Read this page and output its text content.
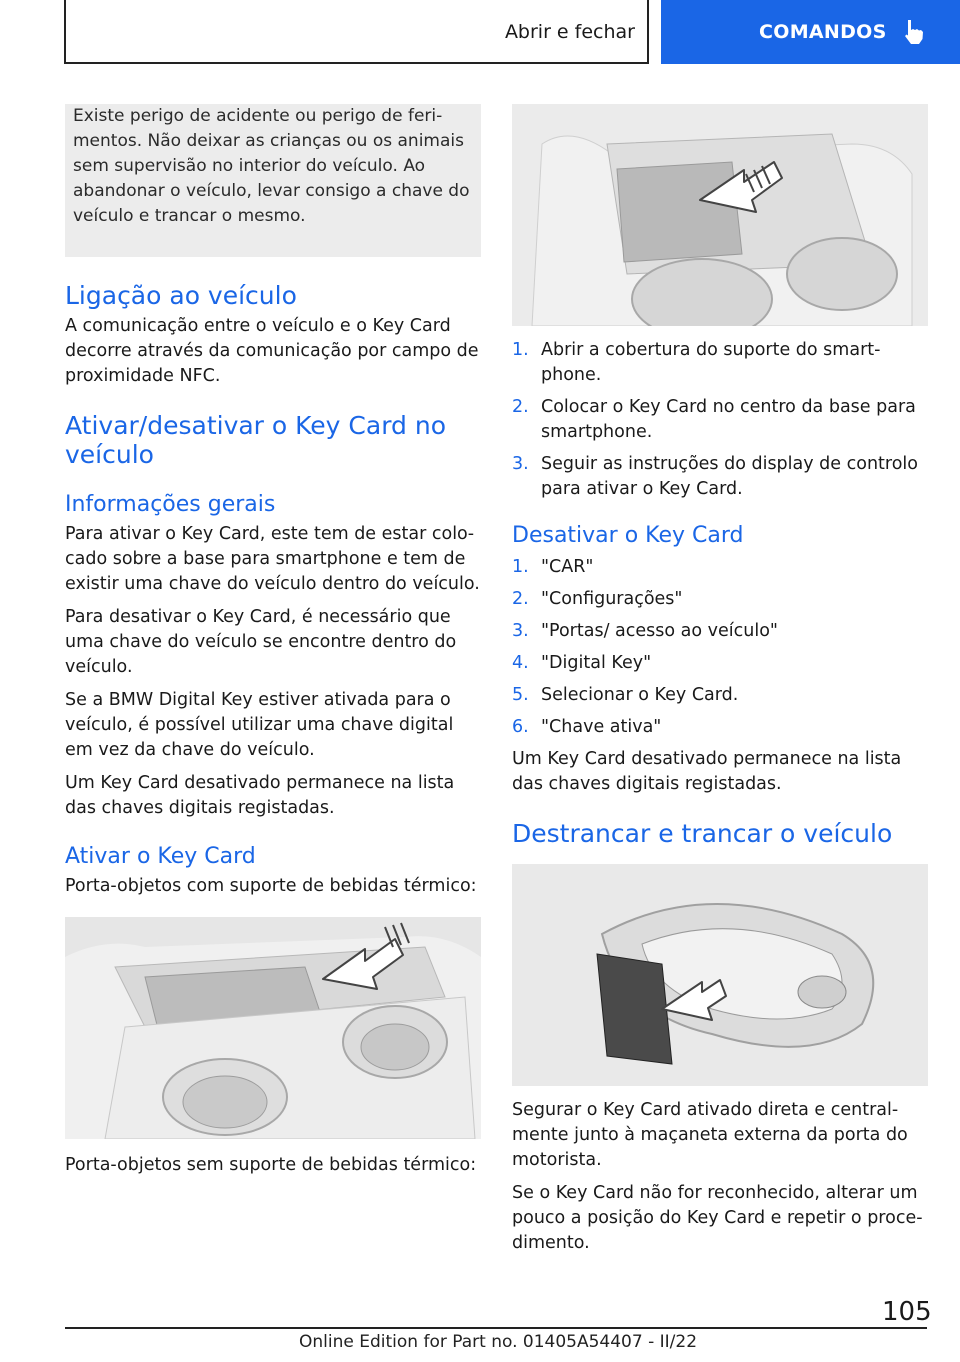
Abrir e fechar	COMANDOS

Existe perigo de acidente ou perigo de ferimentos. Não deixar as crianças ou os animais sem supervisão no interior do veículo. Ao abandonar o veículo, levar consigo a chave do veículo e trancar o mesmo.

Ligação ao veículo

A comunicação entre o veículo e o Key Card decorre através da comunicação por campo de proximidade NFC.

Ativar/desativar o Key Card no veículo
Informações gerais

Para ativar o Key Card, este tem de estar colocado sobre a base para smartphone e tem de existir uma chave do veículo dentro do veículo.

Para desativar o Key Card, é necessário que uma chave do veículo se encontre dentro do veículo.

Se a BMW Digital Key estiver ativada para o veículo, é possível utilizar uma chave digital em vez da chave do veículo.

Um Key Card desativado permanece na lista das chaves digitais registadas.

Ativar o Key Card

Porta-objetos com suporte de bebidas térmico:

Porta-objetos sem suporte de bebidas térmico:

1. Abrir a cobertura do suporte do smartphone.
2. Colocar o Key Card no centro da base para smartphone.
3. Seguir as instruções do display de controlo para ativar o Key Card.
Desativar o Key Card
1. "CAR"
2. "Configurações"
3. "Portas/ acesso ao veículo"
4. "Digital Key"
5. Selecionar o Key Card.
6. "Chave ativa"

Um Key Card desativado permanece na lista das chaves digitais registadas.

Destrancar e trancar o veículo

Segurar o Key Card ativado direta e centralmente junto à maçaneta externa da porta do motorista.

Se o Key Card não for reconhecido, alterar um pouco a posição do Key Card e repetir o procedimento.

105
Online Edition for Part no. 01405A54407 - II/22
